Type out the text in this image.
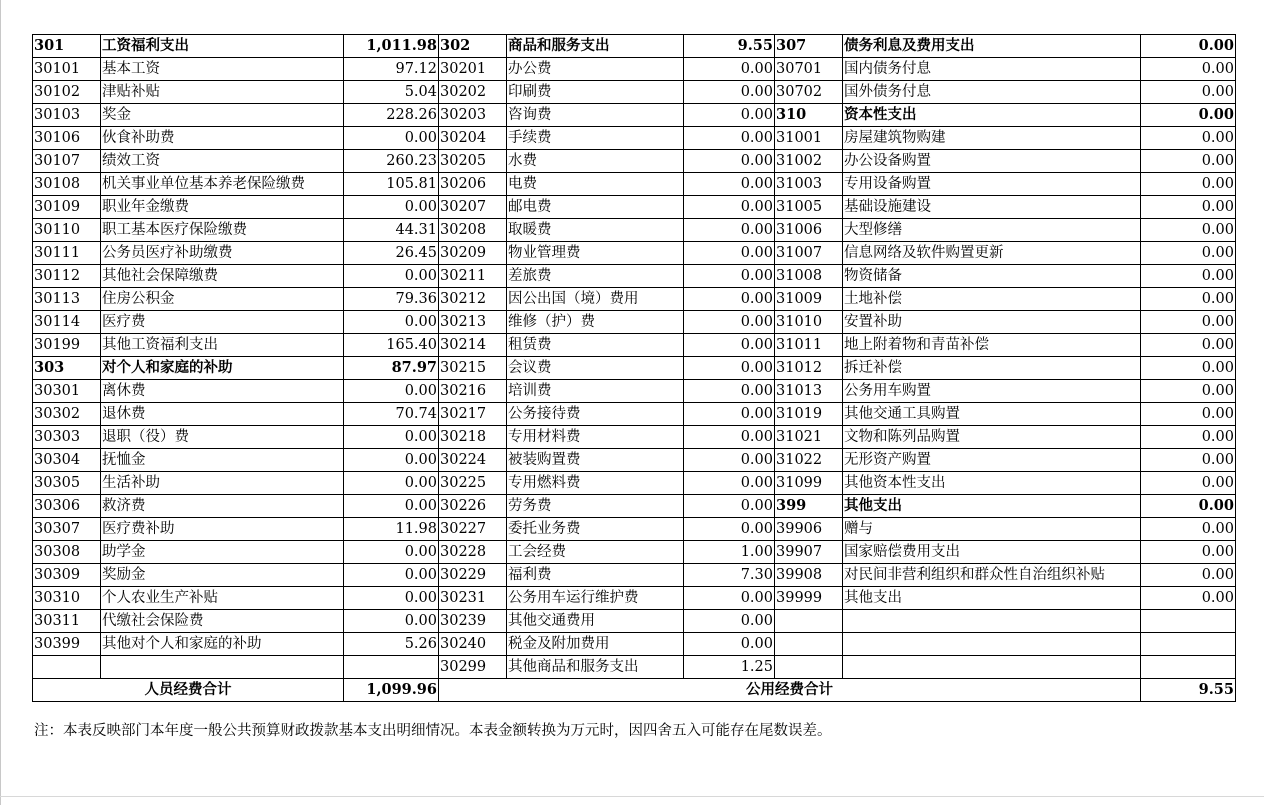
301	工资福利支出	1,011.98	302	商品和服务支出	9.55	307	债务利息及费用支出	0.00
30101	基本工资	97.12	30201	办公费	0.00	30701	国内债务付息	0.00
30102	津贴补贴	5.04	30202	印刷费	0.00	30702	国外债务付息	0.00
30103	奖金	228.26	30203	咨询费	0.00	310	资本性支出	0.00
30106	伙食补助费	0.00	30204	手续费	0.00	31001	房屋建筑物购建	0.00
30107	绩效工资	260.23	30205	水费	0.00	31002	办公设备购置	0.00
30108	机关事业单位基本养老保险缴费	105.81	30206	电费	0.00	31003	专用设备购置	0.00
30109	职业年金缴费	0.00	30207	邮电费	0.00	31005	基础设施建设	0.00
30110	职工基本医疗保险缴费	44.31	30208	取暖费	0.00	31006	大型修缮	0.00
30111	公务员医疗补助缴费	26.45	30209	物业管理费	0.00	31007	信息网络及软件购置更新	0.00
30112	其他社会保障缴费	0.00	30211	差旅费	0.00	31008	物资储备	0.00
30113	住房公积金	79.36	30212	因公出国（境）费用	0.00	31009	土地补偿	0.00
30114	医疗费	0.00	30213	维修（护）费	0.00	31010	安置补助	0.00
30199	其他工资福利支出	165.40	30214	租赁费	0.00	31011	地上附着物和青苗补偿	0.00
303	对个人和家庭的补助	87.97	30215	会议费	0.00	31012	拆迁补偿	0.00
30301	离休费	0.00	30216	培训费	0.00	31013	公务用车购置	0.00
30302	退休费	70.74	30217	公务接待费	0.00	31019	其他交通工具购置	0.00
30303	退职（役）费	0.00	30218	专用材料费	0.00	31021	文物和陈列品购置	0.00
30304	抚恤金	0.00	30224	被装购置费	0.00	31022	无形资产购置	0.00
30305	生活补助	0.00	30225	专用燃料费	0.00	31099	其他资本性支出	0.00
30306	救济费	0.00	30226	劳务费	0.00	399	其他支出	0.00
30307	医疗费补助	11.98	30227	委托业务费	0.00	39906	赠与	0.00
30308	助学金	0.00	30228	工会经费	1.00	39907	国家赔偿费用支出	0.00
30309	奖励金	0.00	30229	福利费	7.30	39908	对民间非营利组织和群众性自治组织补贴	0.00
30310	个人农业生产补贴	0.00	30231	公务用车运行维护费	0.00	39999	其他支出	0.00
30311	代缴社会保险费	0.00	30239	其他交通费用	0.00			
30399	其他对个人和家庭的补助	5.26	30240	税金及附加费用	0.00			
			30299	其他商品和服务支出	1.25			
人员经费合计		1,099.96	公用经费合计					9.55
注：本表反映部门本年度一般公共预算财政拨款基本支出明细情况。本表金额转换为万元时，因四舍五入可能存在尾数误差。
